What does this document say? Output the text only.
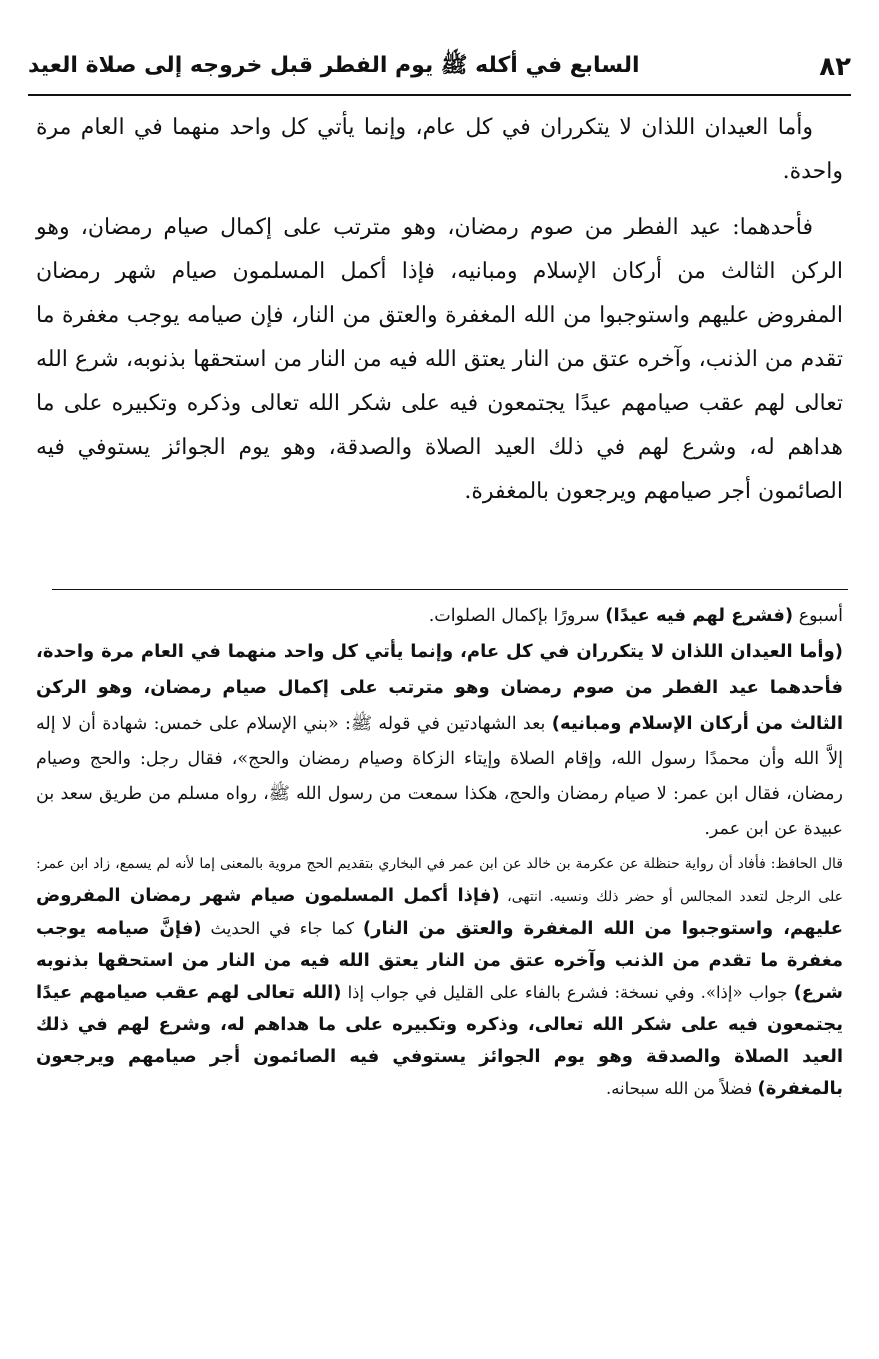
٨٢
السابع في أكله ﷺ يوم الفطر قبل خروجه إلى صلاة العيد

وأما العيدان اللذان لا يتكرران في كل عام، وإنما يأتي كل واحد منهما في العام مرة واحدة.

فأحدهما: عيد الفطر من صوم رمضان، وهو مترتب على إكمال صيام رمضان، وهو الركن الثالث من أركان الإسلام ومبانيه، فإذا أكمل المسلمون صيام شهر رمضان المفروض عليهم واستوجبوا من الله المغفرة والعتق من النار، فإن صيامه يوجب مغفرة ما تقدم من الذنب، وآخره عتق من النار يعتق الله فيه من النار من استحقها بذنوبه، شرع الله تعالى لهم عقب صيامهم عيدًا يجتمعون فيه على شكر الله تعالى وذكره وتكبيره على ما هداهم له، وشرع لهم في ذلك العيد الصلاة والصدقة، وهو يوم الجوائز يستوفي فيه الصائمون أجر صيامهم ويرجعون بالمغفرة.

أسبوع (فشرع لهم فيه عيدًا) سرورًا بإكمال الصلوات.

(وأما العيدان اللذان لا يتكرران في كل عام، وإنما يأتي كل واحد منهما في العام مرة واحدة، فأحدهما عيد الفطر من صوم رمضان وهو مترتب على إكمال صيام رمضان، وهو الركن الثالث من أركان الإسلام ومبانيه) بعد الشهادتين في قوله ﷺ: «بني الإسلام على خمس: شهادة أن لا إله إلاَّ الله وأن محمدًا رسول الله، وإقام الصلاة وإيتاء الزكاة وصيام رمضان والحج»، فقال رجل: والحج وصيام رمضان، فقال ابن عمر: لا صيام رمضان والحج، هكذا سمعت من رسول الله ﷺ، رواه مسلم من طريق سعد بن عبيدة عن ابن عمر.

قال الحافظ: فأفاد أن رواية حنظلة عن عكرمة بن خالد عن ابن عمر في البخاري بتقديم الحج مروية بالمعنى إما لأنه لم يسمع، زاد ابن عمر: على الرجل لتعدد المجالس أو حضر ذلك ونسيه. انتهى، (فإذا أكمل المسلمون صيام شهر رمضان المفروض عليهم، واستوجبوا من الله المغفرة والعتق من النار) كما جاء في الحديث (فإنَّ صيامه يوجب مغفرة ما تقدم من الذنب وآخره عتق من النار يعتق الله فيه من النار من استحقها بذنوبه شرع) جواب «إذا». وفي نسخة: فشرع بالفاء على القليل في جواب إذا (الله تعالى لهم عقب صيامهم عيدًا يجتمعون فيه على شكر الله تعالى، وذكره وتكبيره على ما هداهم له، وشرع لهم في ذلك العيد الصلاة والصدقة وهو يوم الجوائز يستوفي فيه الصائمون أجر صيامهم ويرجعون بالمغفرة) فضلاً من الله سبحانه.
